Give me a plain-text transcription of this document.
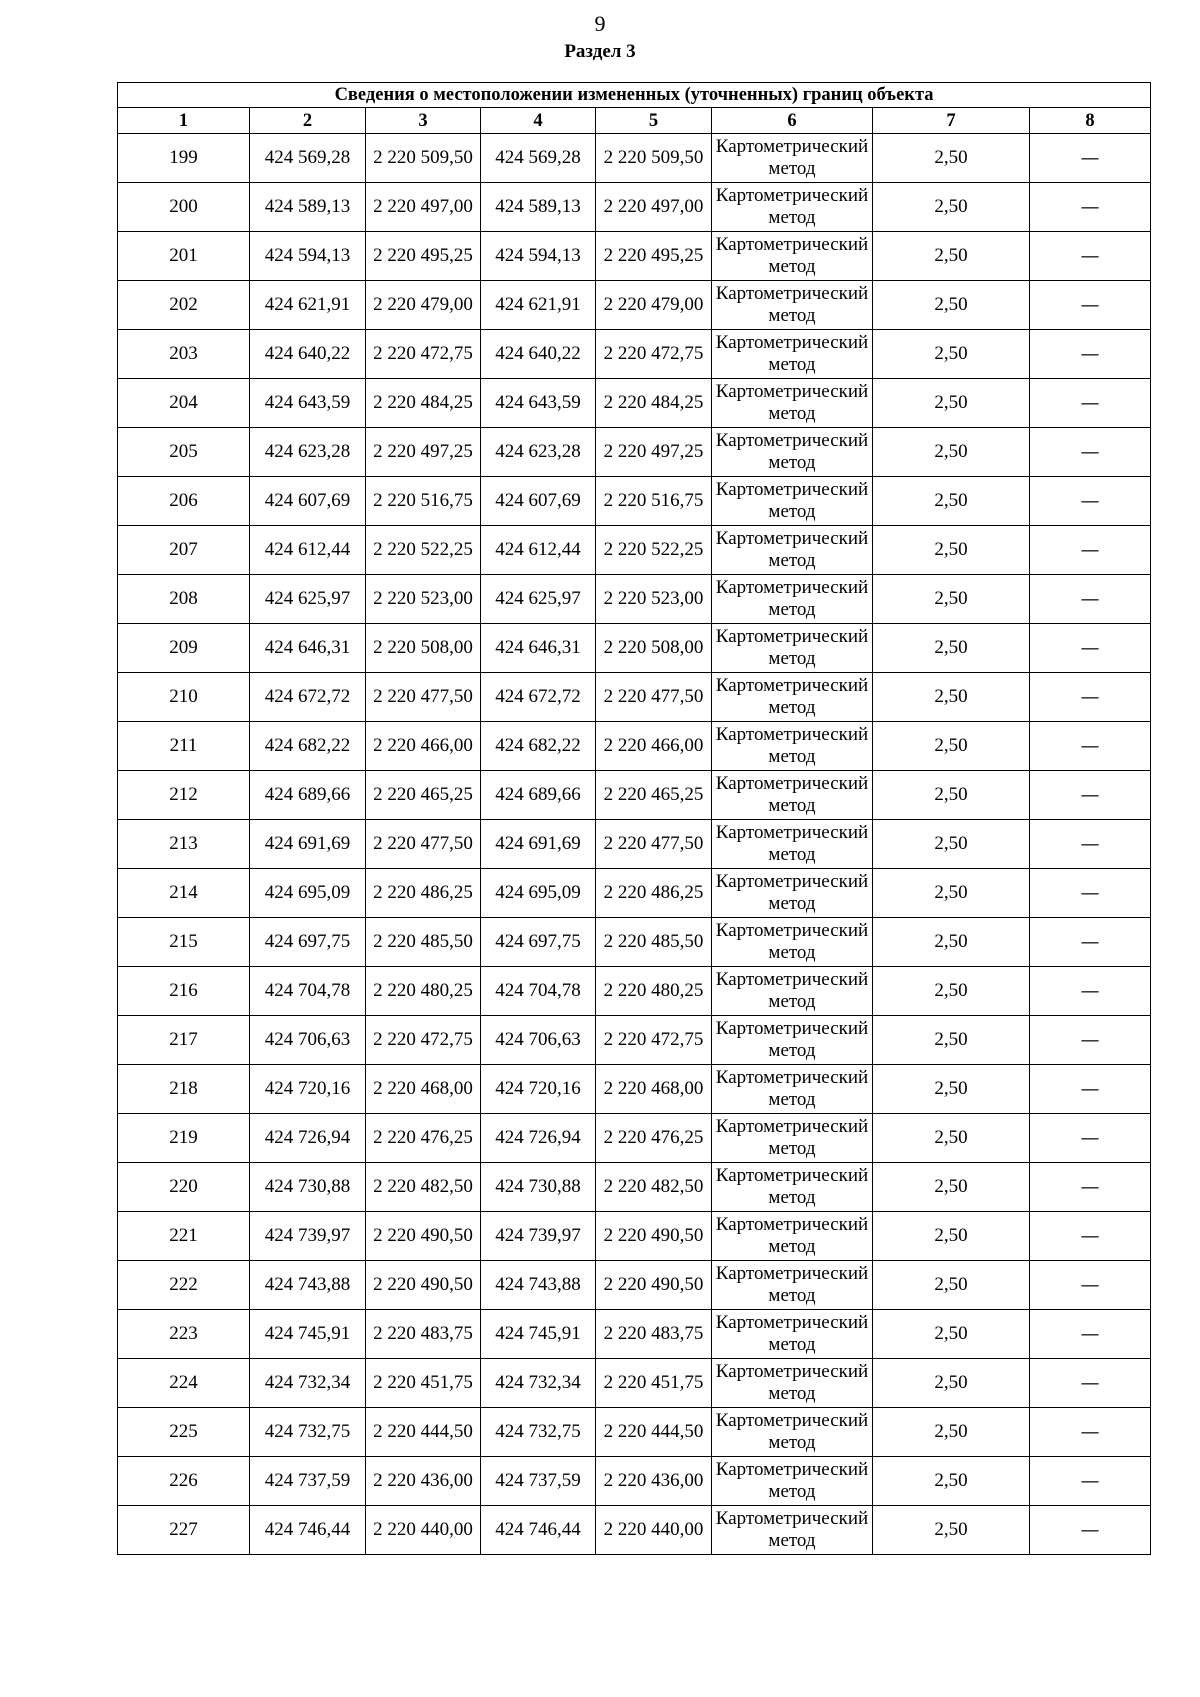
9
Раздел 3
Сведения о местоположении измененных (уточненных) границ объекта							
1	2	3	4	5	6	7	8
199	424 569,28	2 220 509,50	424 569,28	2 220 509,50	Картометрический метод	2,50	—
200	424 589,13	2 220 497,00	424 589,13	2 220 497,00	Картометрический метод	2,50	—
201	424 594,13	2 220 495,25	424 594,13	2 220 495,25	Картометрический метод	2,50	—
202	424 621,91	2 220 479,00	424 621,91	2 220 479,00	Картометрический метод	2,50	—
203	424 640,22	2 220 472,75	424 640,22	2 220 472,75	Картометрический метод	2,50	—
204	424 643,59	2 220 484,25	424 643,59	2 220 484,25	Картометрический метод	2,50	—
205	424 623,28	2 220 497,25	424 623,28	2 220 497,25	Картометрический метод	2,50	—
206	424 607,69	2 220 516,75	424 607,69	2 220 516,75	Картометрический метод	2,50	—
207	424 612,44	2 220 522,25	424 612,44	2 220 522,25	Картометрический метод	2,50	—
208	424 625,97	2 220 523,00	424 625,97	2 220 523,00	Картометрический метод	2,50	—
209	424 646,31	2 220 508,00	424 646,31	2 220 508,00	Картометрический метод	2,50	—
210	424 672,72	2 220 477,50	424 672,72	2 220 477,50	Картометрический метод	2,50	—
211	424 682,22	2 220 466,00	424 682,22	2 220 466,00	Картометрический метод	2,50	—
212	424 689,66	2 220 465,25	424 689,66	2 220 465,25	Картометрический метод	2,50	—
213	424 691,69	2 220 477,50	424 691,69	2 220 477,50	Картометрический метод	2,50	—
214	424 695,09	2 220 486,25	424 695,09	2 220 486,25	Картометрический метод	2,50	—
215	424 697,75	2 220 485,50	424 697,75	2 220 485,50	Картометрический метод	2,50	—
216	424 704,78	2 220 480,25	424 704,78	2 220 480,25	Картометрический метод	2,50	—
217	424 706,63	2 220 472,75	424 706,63	2 220 472,75	Картометрический метод	2,50	—
218	424 720,16	2 220 468,00	424 720,16	2 220 468,00	Картометрический метод	2,50	—
219	424 726,94	2 220 476,25	424 726,94	2 220 476,25	Картометрический метод	2,50	—
220	424 730,88	2 220 482,50	424 730,88	2 220 482,50	Картометрический метод	2,50	—
221	424 739,97	2 220 490,50	424 739,97	2 220 490,50	Картометрический метод	2,50	—
222	424 743,88	2 220 490,50	424 743,88	2 220 490,50	Картометрический метод	2,50	—
223	424 745,91	2 220 483,75	424 745,91	2 220 483,75	Картометрический метод	2,50	—
224	424 732,34	2 220 451,75	424 732,34	2 220 451,75	Картометрический метод	2,50	—
225	424 732,75	2 220 444,50	424 732,75	2 220 444,50	Картометрический метод	2,50	—
226	424 737,59	2 220 436,00	424 737,59	2 220 436,00	Картометрический метод	2,50	—
227	424 746,44	2 220 440,00	424 746,44	2 220 440,00	Картометрический метод	2,50	—
